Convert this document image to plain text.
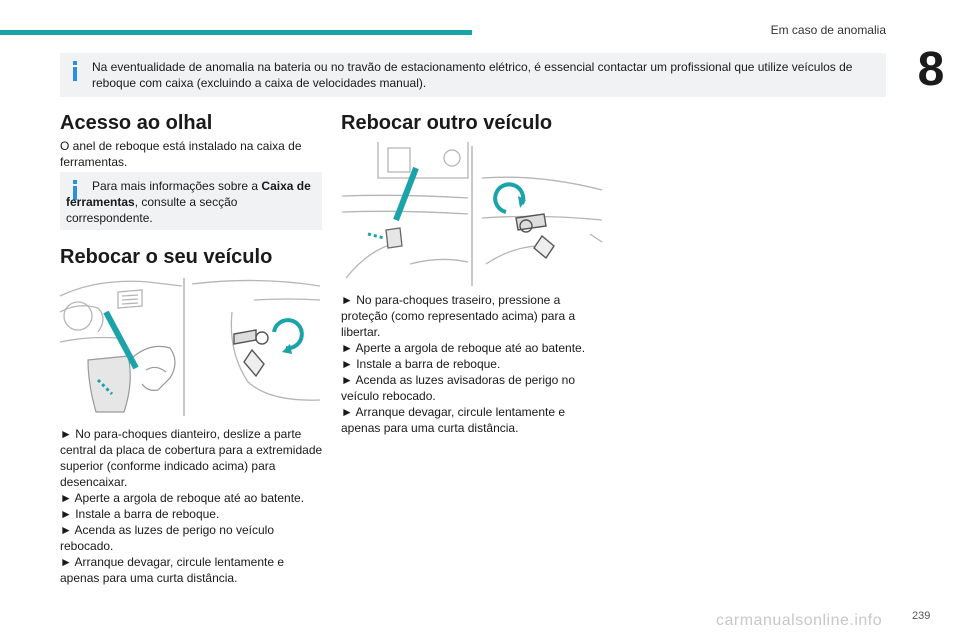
Em caso de anomalia
8
Na eventualidade de anomalia na bateria ou no travão de estacionamento elétrico, é essencial contactar um profissional que utilize veículos de reboque com caixa (excluindo a caixa de velocidades manual).
Acesso ao olhal

O anel de reboque está instalado na caixa de ferramentas.

Para mais informações sobre a Caixa de ferramentas, consulte a secção correspondente.
Rebocar o seu veículo
► No para-choques dianteiro, deslize a parte central da placa de cobertura para a extremidade superior (conforme indicado acima) para desencaixar.
► Aperte a argola de reboque até ao batente.
► Instale a barra de reboque.
► Acenda as luzes de perigo no veículo rebocado.
► Arranque devagar, circule lentamente e apenas para uma curta distância.
Rebocar outro veículo
► No para-choques traseiro, pressione a proteção (como representado acima) para a libertar.
► Aperte a argola de reboque até ao batente.
► Instale a barra de reboque.
► Acenda as luzes avisadoras de perigo no veículo rebocado.
► Arranque devagar, circule lentamente e apenas para uma curta distância.
carmanualsonline.info	239
